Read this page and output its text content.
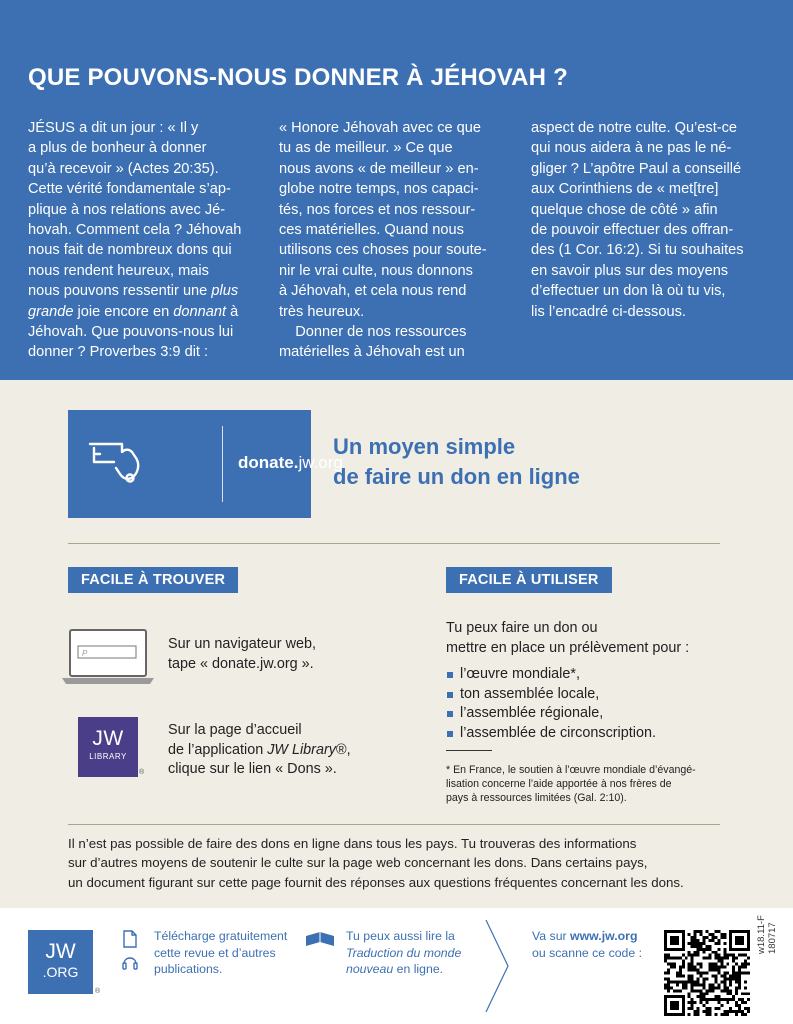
QUE POUVONS-NOUS DONNER À JÉHOVAH ?
JÉSUS a dit un jour : « Il y
a plus de bonheur à donner
qu’à recevoir » (Actes 20:35).
Cette vérité fondamentale s’ap-
plique à nos relations avec Jé-
hovah. Comment cela ? Jéhovah
nous fait de nombreux dons qui
nous rendent heureux, mais
nous pouvons ressentir une plus grande joie encore en donnant à
Jéhovah. Que pouvons-nous lui
donner ? Proverbes 3:9 dit :
« Honore Jéhovah avec ce que
tu as de meilleur. » Ce que
nous avons « de meilleur » en-
globe notre temps, nos capaci-
tés, nos forces et nos ressour-
ces matérielles. Quand nous
utilisons ces choses pour soute-
nir le vrai culte, nous donnons
à Jéhovah, et cela nous rend
très heureux.
Donner de nos ressources
matérielles à Jéhovah est un
aspect de notre culte. Qu’est-ce
qui nous aidera à ne pas le né-
gliger ? L’apôtre Paul a conseillé
aux Corinthiens de « met[tre]
quelque chose de côté » afin
de pouvoir effectuer des offran-
des (1 Cor. 16:2). Si tu souhaites
en savoir plus sur des moyens
d’effectuer un don là où tu vis,
lis l’encadré ci-dessous.
donate.jw.org
Un moyen simple
de faire un don en ligne
FACILE À TROUVER	FACILE À UTILISER
P
Sur un navigateur web,
tape « donate.jw.org ».
JW
LIBRARY
®
Sur la page d’accueil
de l’application JW Library®,
clique sur le lien « Dons ».
Tu peux faire un don ou
mettre en place un prélèvement pour :
l’œuvre mondiale*,
ton assemblée locale,
l’assemblée régionale,
l’assemblée de circonscription.
* En France, le soutien à l’œuvre mondiale d’évangé-
lisation concerne l’aide apportée à nos frères de
pays à ressources limitées (Gal. 2:10).
Il n’est pas possible de faire des dons en ligne dans tous les pays. Tu trouveras des informations
sur d’autres moyens de soutenir le culte sur la page web concernant les dons. Dans certains pays,
un document figurant sur cette page fournit des réponses aux questions fréquentes concernant les dons.
JW
.ORG
®
Télécharge gratuitement
cette revue et d’autres
publications.
Tu peux aussi lire la
Traduction du monde
nouveau en ligne.
Va sur www.jw.org
ou scanne ce code :	w18.11-F
180717
